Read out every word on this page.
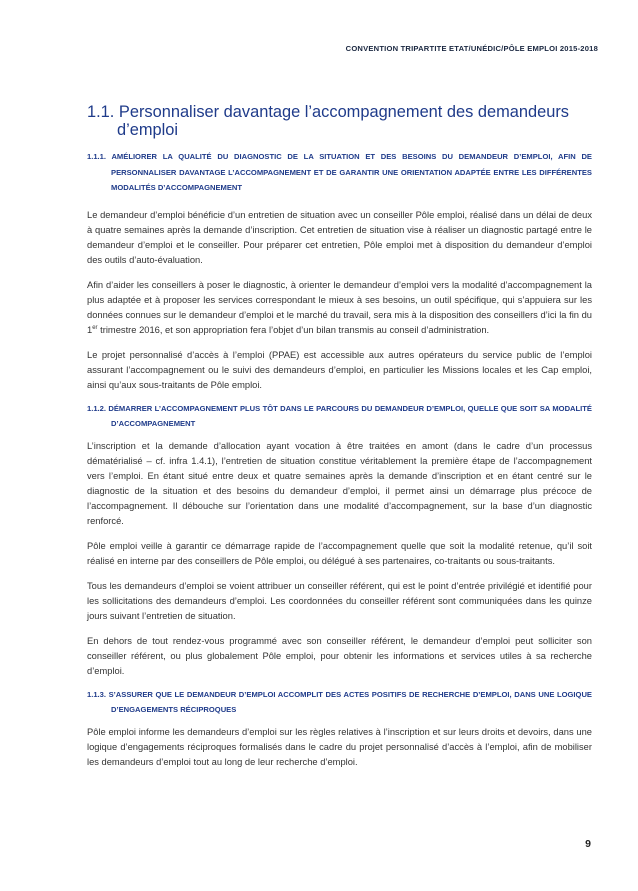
CONVENTION TRIPARTITE ETAT/UNÉDIC/PÔLE EMPLOI 2015-2018
1.1. Personnaliser davantage l’accompagnement des demandeurs d’emploi
1.1.1. AMÉLIORER LA QUALITÉ DU DIAGNOSTIC DE LA SITUATION ET DES BESOINS DU DEMANDEUR D’EMPLOI, AFIN DE PERSONNALISER DAVANTAGE L’ACCOMPAGNEMENT ET DE GARANTIR UNE ORIENTATION ADAPTÉE ENTRE LES DIFFÉRENTES MODALITÉS D’ACCOMPAGNEMENT

Le demandeur d’emploi bénéficie d’un entretien de situation avec un conseiller Pôle emploi, réalisé dans un délai de deux à quatre semaines après la demande d’inscription. Cet entretien de situation vise à réaliser un diagnostic partagé entre le demandeur d’emploi et le conseiller. Pour préparer cet entretien, Pôle emploi met à disposition du demandeur d’emploi des outils d’auto-évaluation.

Afin d’aider les conseillers à poser le diagnostic, à orienter le demandeur d’emploi vers la modalité d’accompagnement la plus adaptée et à proposer les services correspondant le mieux à ses besoins, un outil spécifique, qui s’appuiera sur les données connues sur le demandeur d’emploi et le marché du travail, sera mis à la disposition des conseillers d’ici la fin du 1er trimestre 2016, et son appropriation fera l’objet d’un bilan transmis au conseil d’administration.

Le projet personnalisé d’accès à l’emploi (PPAE) est accessible aux autres opérateurs du service public de l’emploi assurant l’accompagnement ou le suivi des demandeurs d’emploi, en particulier les Missions locales et les Cap emploi, ainsi qu’aux sous-traitants de Pôle emploi.

1.1.2. DÉMARRER L’ACCOMPAGNEMENT PLUS TÔT DANS LE PARCOURS DU DEMANDEUR D’EMPLOI, QUELLE QUE SOIT SA MODALITÉ D’ACCOMPAGNEMENT

L’inscription et la demande d’allocation ayant vocation à être traitées en amont (dans le cadre d’un processus dématérialisé – cf. infra 1.4.1), l’entretien de situation constitue véritablement la première étape de l’accompagnement vers l’emploi. En étant situé entre deux et quatre semaines après la demande d’inscription et en étant centré sur le diagnostic de la situation et des besoins du demandeur d’emploi, il permet ainsi un démarrage plus précoce de l’accompagnement. Il débouche sur l’orientation dans une modalité d’accompagnement, sur la base d’un diagnostic renforcé.

Pôle emploi veille à garantir ce démarrage rapide de l’accompagnement quelle que soit la modalité retenue, qu’il soit réalisé en interne par des conseillers de Pôle emploi, ou délégué à ses partenaires, co-traitants ou sous-traitants.

Tous les demandeurs d’emploi se voient attribuer un conseiller référent, qui est le point d’entrée privilégié et identifié pour les sollicitations des demandeurs d’emploi. Les coordonnées du conseiller référent sont communiquées dans les quinze jours suivant l’entretien de situation.

En dehors de tout rendez-vous programmé avec son conseiller référent, le demandeur d’emploi peut solliciter son conseiller référent, ou plus globalement Pôle emploi, pour obtenir les informations et services utiles à sa recherche d’emploi.

1.1.3. S’ASSURER QUE LE DEMANDEUR D’EMPLOI ACCOMPLIT DES ACTES POSITIFS DE RECHERCHE D’EMPLOI, DANS UNE LOGIQUE D’ENGAGEMENTS RÉCIPROQUES

Pôle emploi informe les demandeurs d’emploi sur les règles relatives à l’inscription et sur leurs droits et devoirs, dans une logique d’engagements réciproques formalisés dans le cadre du projet personnalisé d’accès à l’emploi, afin de mobiliser les demandeurs d’emploi tout au long de leur recherche d’emploi.

9
